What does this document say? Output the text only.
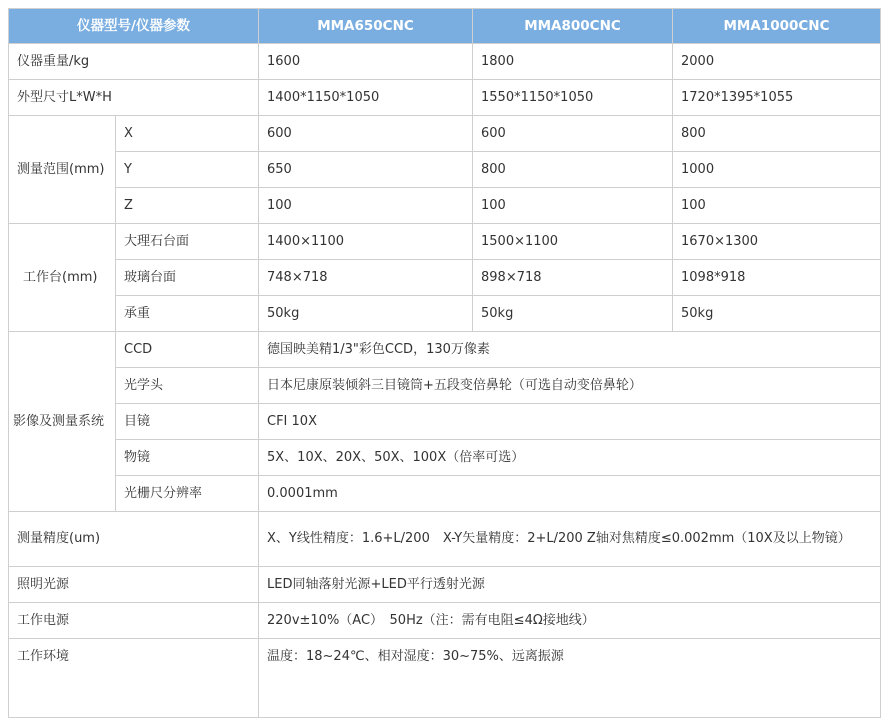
仪器型号/仪器参数		MMA650CNC	MMA800CNC	MMA1000CNC
仪器重量/kg		1600	1800	2000
外型尺寸L*W*H		1400*1150*1050	1550*1150*1050	1720*1395*1055
测量范围(mm)	X	600	600	800
	Y	650	800	1000
	Z	100	100	100
工作台(mm)	大理石台面	1400×1100	1500×1100	1670×1300
	玻璃台面	748×718	898×718	1098*918
	承重	50kg	50kg	50kg
影像及测量系统	CCD	德国映美精1/3"彩色CCD，130万像素		
	光学头	日本尼康原装倾斜三目镜筒+五段变倍鼻轮（可选自动变倍鼻轮）		
	目镜	CFI 10X		
	物镜	5X、10X、20X、50X、100X（倍率可选）		
	光栅尺分辨率	0.0001mm		
测量精度(um)		X、Y线性精度：1.6+L/200　X-Y矢量精度：2+L/200 Z轴对焦精度≤0.002mm（10X及以上物镜）		
照明光源		LED同轴落射光源+LED平行透射光源		
工作电源		220v±10%（AC）　50Hz（注：需有电阻≤4Ω接地线）		
工作环境		温度：18~24℃、相对湿度：30~75%、远离振源		
